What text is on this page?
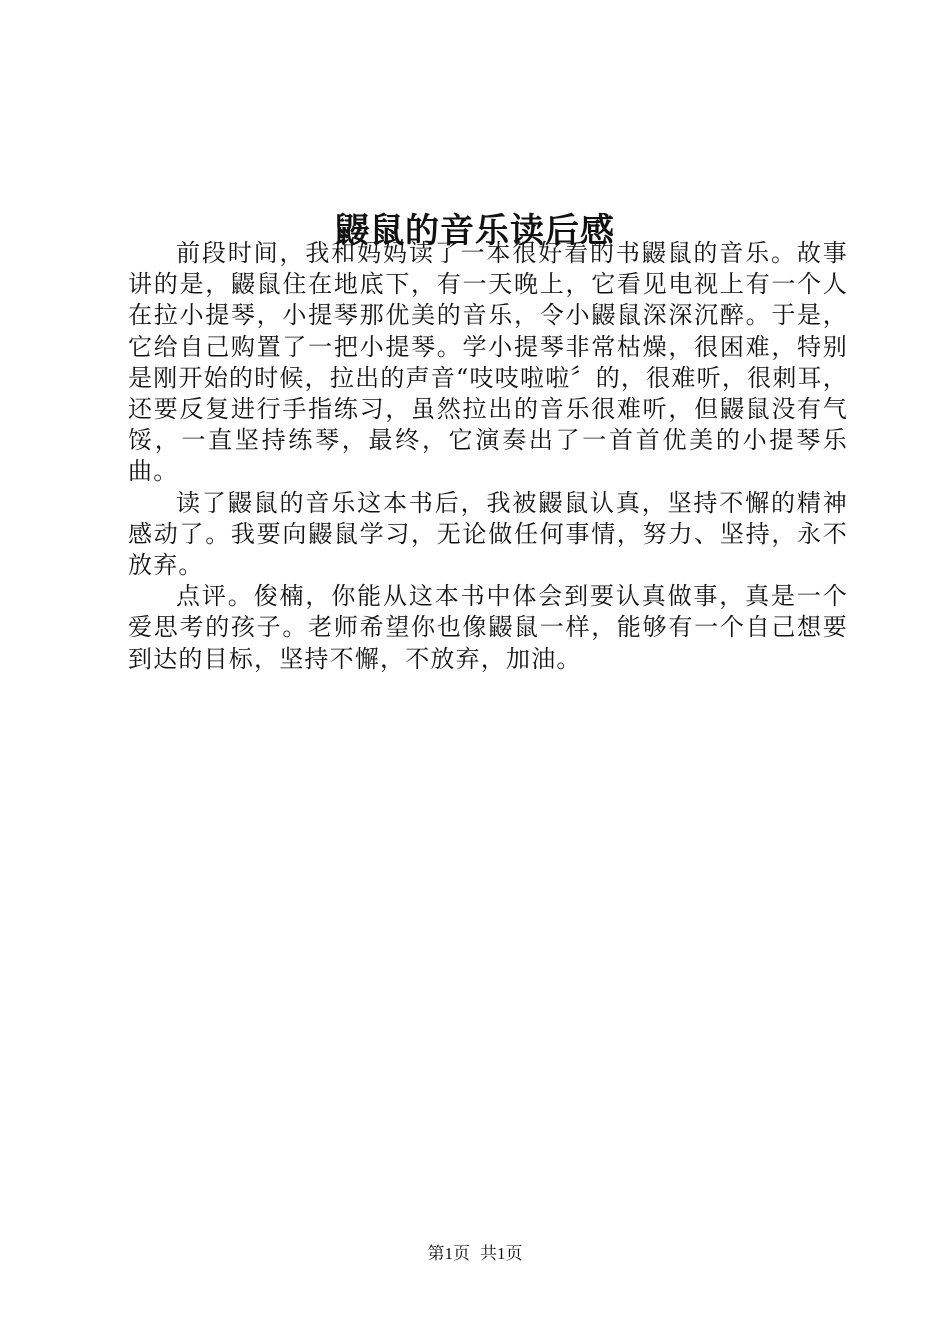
鼹鼠的音乐读后感

前段时间，我和妈妈读了一本很好看的书鼹鼠的音乐。故事讲的是，鼹鼠住在地底下，有一天晚上，它看见电视上有一个人在拉小提琴，小提琴那优美的音乐，令小鼹鼠深深沉醉。于是，它给自己购置了一把小提琴。学小提琴非常枯燥，很困难，特别是刚开始的时候，拉出的声音“吱吱啦啦〞的，很难听，很刺耳，还要反复进行手指练习，虽然拉出的音乐很难听，但鼹鼠没有气馁，一直坚持练琴，最终，它演奏出了一首首优美的小提琴乐曲。

读了鼹鼠的音乐这本书后，我被鼹鼠认真，坚持不懈的精神感动了。我要向鼹鼠学习，无论做任何事情，努力、坚持，永不放弃。

点评。俊楠，你能从这本书中体会到要认真做事，真是一个爱思考的孩子。老师希望你也像鼹鼠一样，能够有一个自己想要到达的目标，坚持不懈，不放弃，加油。

第1页 共1页
